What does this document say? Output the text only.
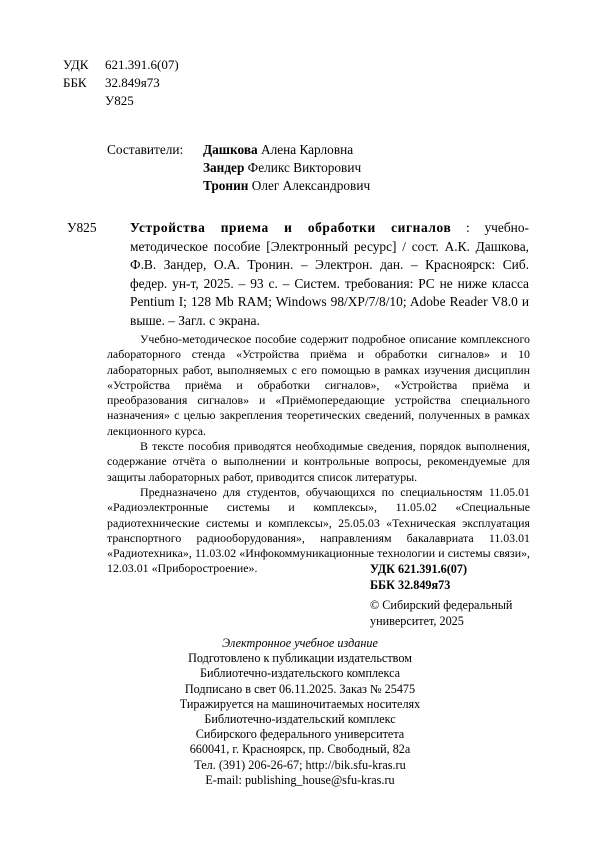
УДК 621.391.6(07)
ББК 32.849я73
У825
Составители:	Дашкова Алена Карловна
Зандер Феликс Викторович
Тронин Олег Александрович
У825 Устройства приема и обработки сигналов : учебно-методическое пособие [Электронный ресурс] / сост. А.К. Дашкова, Ф.В. Зандер, О.А. Тронин. – Электрон. дан. – Красноярск: Сиб. федер. ун-т, 2025. – 93 с. – Систем. требования: PC не ниже класса Pentium I; 128 Mb RAM; Windows 98/XP/7/8/10; Adobe Reader V8.0 и выше. – Загл. с экрана.

Учебно-методическое пособие содержит подробное описание комплексного лабораторного стенда «Устройства приёма и обработки сигналов» и 10 лабораторных работ, выполняемых с его помощью в рамках изучения дисциплин «Устройства приёма и обработки сигналов», «Устройства приёма и преобразования сигналов» и «Приёмопередающие устройства специального назначения» с целью закрепления теоретических сведений, полученных в рамках лекционного курса.

В тексте пособия приводятся необходимые сведения, порядок выполнения, содержание отчёта о выполнении и контрольные вопросы, рекомендуемые для защиты лабораторных работ, приводится список литературы.

Предназначено для студентов, обучающихся по специальностям 11.05.01 «Радиоэлектронные системы и комплексы», 11.05.02 «Специальные радиотехнические системы и комплексы», 25.05.03 «Техническая эксплуатация транспортного радиооборудования», направлениям бакалавриата 11.03.01 «Радиотехника», 11.03.02 «Инфокоммуникационные технологии и системы связи», 12.03.01 «Приборостроение».	УДК 621.391.6(07)
ББК 32.849я73
© Сибирский федеральный
университет, 2025
Электронное учебное издание
Подготовлено к публикации издательством
Библиотечно-издательского комплекса
Подписано в свет 06.11.2025. Заказ № 25475
Тиражируется на машиночитаемых носителях
Библиотечно-издательский комплекс
Сибирского федерального университета
660041, г. Красноярск, пр. Свободный, 82а
Тел. (391) 206-26-67; http://bik.sfu-kras.ru
E-mail: publishing_house@sfu-kras.ru
